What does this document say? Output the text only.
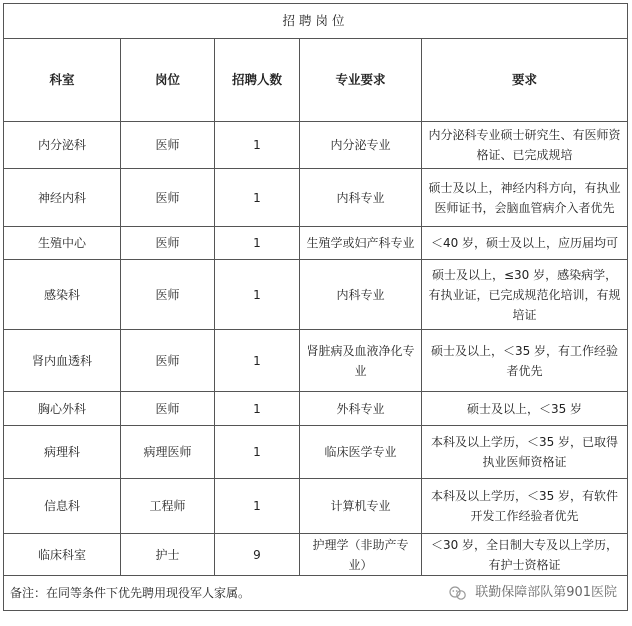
招聘岗位				
科室	岗位	招聘人数	专业要求	要求
内分泌科	医师	1	内分泌专业	内分泌科专业硕士研究生、有医师资格证、已完成规培
神经内科	医师	1	内科专业	硕士及以上，神经内科方向，有执业医师证书，会脑血管病介入者优先
生殖中心	医师	1	生殖学或妇产科专业	＜40 岁，硕士及以上，应历届均可
感染科	医师	1	内科专业	硕士及以上，≤30 岁，感染病学，有执业证，已完成规范化培训，有规培证
肾内血透科	医师	1	肾脏病及血液净化专业	硕士及以上，＜35 岁，有工作经验者优先
胸心外科	医师	1	外科专业	硕士及以上，＜35 岁
病理科	病理医师	1	临床医学专业	本科及以上学历，＜35 岁，已取得执业医师资格证
信息科	工程师	1	计算机专业	本科及以上学历，＜35 岁，有软件开发工作经验者优先
临床科室	护士	9	护理学（非助产专业）	＜30 岁，全日制大专及以上学历，有护士资格证
备注：在同等条件下优先聘用现役军人家属。 联勤保障部队第901医院				
